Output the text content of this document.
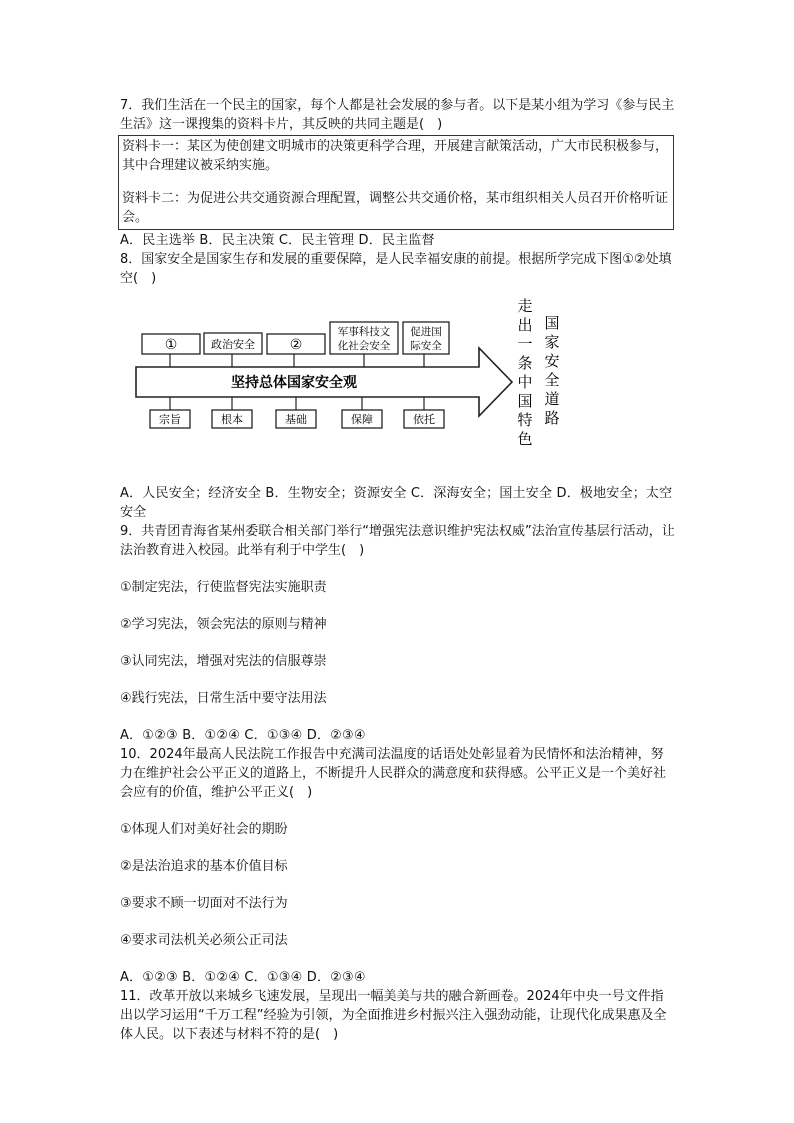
7．我们生活在一个民主的国家，每个人都是社会发展的参与者。以下是某小组为学习《参与民主生活》这一课搜集的资料卡片，其反映的共同主题是(　)

资料卡一：某区为使创建文明城市的决策更科学合理，开展建言献策活动，广大市民积极参与，其中合理建议被采纳实施。

资料卡二：为促进公共交通资源合理配置，调整公共交通价格，某市组织相关人员召开价格听证会。

A．民主选举 B．民主决策 C．民主管理 D．民主监督

8．国家安全是国家生存和发展的重要保障，是人民幸福安康的前提。根据所学完成下图①②处填空(　)

坚持总体国家安全观
①	政治安全 ②
军事科技文
化社会安全
促进国
际安全
宗旨	根本	基础	保障	依托
走
出
一
条
中
国
特
色
国
家
安
全
道
路

A．人民安全；经济安全 B．生物安全；资源安全 C．深海安全；国土安全 D．极地安全；太空安全

9．共青团青海省某州委联合相关部门举行“增强宪法意识维护宪法权威”法治宣传基层行活动，让法治教育进入校园。此举有利于中学生(　)

①制定宪法，行使监督宪法实施职责

②学习宪法，领会宪法的原则与精神

③认同宪法，增强对宪法的信服尊崇

④践行宪法，日常生活中要守法用法

A．①②③ B．①②④ C．①③④ D．②③④

10．2024年最高人民法院工作报告中充满司法温度的话语处处彰显着为民情怀和法治精神，努力在维护社会公平正义的道路上，不断提升人民群众的满意度和获得感。公平正义是一个美好社会应有的价值，维护公平正义(　)

①体现人们对美好社会的期盼

②是法治追求的基本价值目标

③要求不顾一切面对不法行为

④要求司法机关必须公正司法

A．①②③ B．①②④ C．①③④ D．②③④

11．改革开放以来城乡飞速发展，呈现出一幅美美与共的融合新画卷。2024年中央一号文件指出以学习运用“千万工程”经验为引领，为全面推进乡村振兴注入强劲动能，让现代化成果惠及全体人民。以下表述与材料不符的是(　)
